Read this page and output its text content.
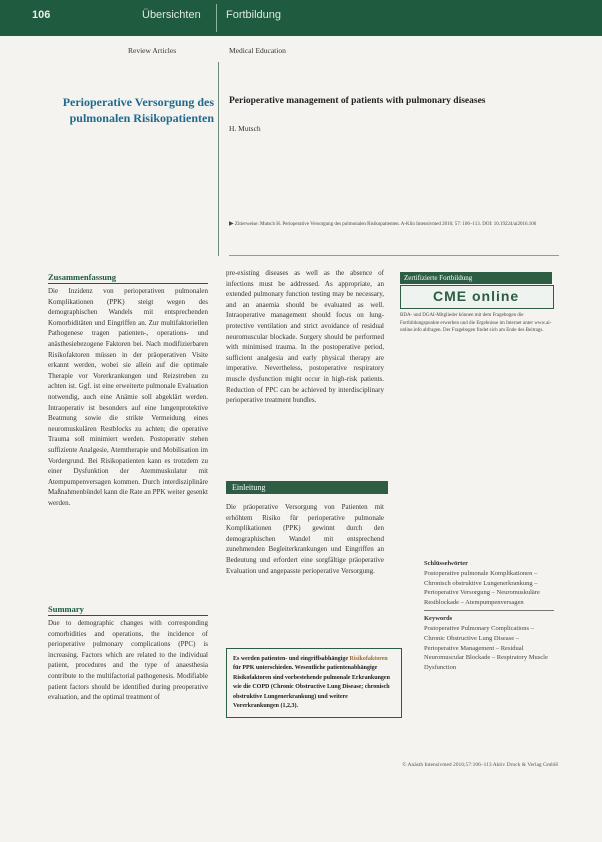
106	Übersichten Fortbildung
Review Articles	Medical Education
Perioperative Versorgung des pulmonalen Risikopatienten
Perioperative management of patients with pulmonary diseases
H. Mutsch
▶ Zitierweise: Mutsch H. Perioperative Versorgung des pulmonalen Risikopatienten. A-Klin Intensivmed 2016; 57: 106–113. DOI: 10.19224/ai2016.106
Zusammenfassung
Die Inzidenz von perioperativen pulmonalen Komplikationen (PPK) steigt wegen des demographischen Wandels mit entsprechenden Komorbiditäten und Eingriffen an. Zur multifaktoriellen Pathogenese tragen patienten-, operations- und anästhesiebezogene Faktoren bei. Nach modifizierbaren Risikofaktoren müssen in der präoperativen Visite erkannt werden, wobei sie allein auf die optimale Therapie vor Vorerkrankungen und Reizstreben zu achten ist. Ggf. ist eine erweiterte pulmonale Evaluation notwendig, auch eine Anämie soll abgeklärt werden. Intraoperativ ist besonders auf eine lungenprotektive Beatmung sowie die strikte Vermeidung eines neuromuskulären Restblocks zu achten; die operative Trauma soll minimiert werden. Postoperativ stehen suffiziente Analgesie, Atemtherapie und Mobilisation im Vordergrund. Bei Risikopatienten kann es trotzdem zu einer Dysfunktion der Atemmuskulatur mit Atempumpenversagen kommen. Durch interdisziplinäre Maßnahmenbündel kann die Rate an PPK weiter gesenkt werden.
Summary
Due to demographic changes with corresponding comorbidities and operations, the incidence of perioperative pulmonary complications (PPC) is increasing. Factors which are related to the individual patient, procedures and the type of anaesthesia contribute to the multifactorial pathogenesis. Modifiable patient factors should be identified during preoperative evaluation, and the optimal treatment of
pre-existing diseases as well as the absence of infections must be addressed. As appropriate, an extended pulmonary function testing may be necessary, and an anaemia should be evaluated as well. Intraoperative management should focus on lung-protective ventilation and strict avoidance of residual neuromuscular blockade. Surgery should be performed with minimised trauma. In the postoperative period, sufficient analgesia and early physical therapy are imperative. Nevertheless, postoperative respiratory muscle dysfunction might occur in high-risk patients. Reduction of PPC can be achieved by interdisciplinary perioperative treatment bundles.
Einleitung
Die präoperative Versorgung von Patienten mit erhöhtem Risiko für perioperative pulmonale Komplikationen (PPK) gewinnt durch den demographischen Wandel mit entsprechend zunehmenden Begleiterkrankungen und Eingriffen an Bedeutung und erfordert eine sorgfältige präoperative Evaluation und angepasste perioperative Versorgung.
Es werden patienten- und eingriffsabhängige Risikofaktoren für PPK unterschieden. Wesentliche patientenabhängige Risikofaktoren sind vorbestehende pulmonale Erkrankungen wie die COPD (Chronic Obstructive Lung Disease; chronisch obstruktive Lungenerkrankung) und weitere Vorerkrankungen (1,2,3).
Zertifizierte Fortbildung
CME online
BDA- und DGAI-Mitglieder können mit dem Fragebogen die Fortbildungspunkte erwerben und die Ergebnisse im Internet unter www.ai-online.info abfragen. Der Fragebogen findet sich am Ende des Beitrags.
Schlüsselwörter
Postoperative pulmonale Komplikationen – Chronisch obstruktive Lungenerkrankung – Perioperative Versorgung – Neuromuskuläre Restblockade – Atempumpenversagen
Keywords
Postoperative Pulmonary Complications – Chronic Obstructive Lung Disease – Perioperative Management – Residual Neuromuscular Blockade – Respiratory Muscle Dysfunction
© Anästh Intensivmed 2016;57:106–113 Aktiv Druck & Verlag GmbH
